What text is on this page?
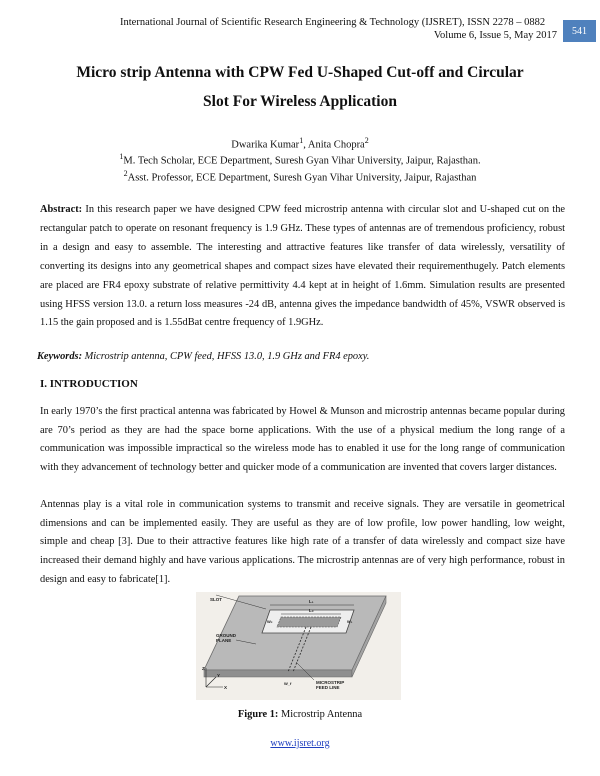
International Journal of Scientific Research Engineering & Technology (IJSRET), ISSN 2278 – 0882
Volume 6, Issue 5, May 2017 541
Micro strip Antenna with CPW Fed U-Shaped Cut-off and Circular
Slot For Wireless Application
Dwarika Kumar$^1$, Anita Chopra$^2$
$^1$M. Tech Scholar, ECE Department, Suresh Gyan Vihar University, Jaipur, Rajasthan.
$^2$Asst. Professor, ECE Department, Suresh Gyan Vihar University, Jaipur, Rajasthan

Abstract: In this research paper we have designed CPW feed microstrip antenna with circular slot and U-shaped cut on the rectangular patch to operate on resonant frequency is 1.9 GHz. These types of antennas are of tremendous proficiency, robust in a design and easy to assemble. The interesting and attractive features like transfer of data wirelessly, versatility of converting its designs into any geometrical shapes and compact sizes have elevated their requirementhugely. Patch elements are placed are FR4 epoxy substrate of relative permittivity 4.4 kept at in height of 1.6mm. Simulation results are presented using HFSS version 13.0. a return loss measures -24 dB, antenna gives the impedance bandwidth of 45%, VSWR observed is 1.15 the gain proposed and is 1.55dBat centre frequency of 1.9GHz.

Keywords: Microstrip antenna, CPW feed, HFSS 13.0, 1.9 GHz and FR4 epoxy.

I. INTRODUCTION

In early 1970’s the first practical antenna was fabricated by Howel & Munson and microstrip antennas became popular during are 70’s period as they are had the space borne applications. With the use of a physical medium the long range of a communication was impossible impractical so the wireless mode has to enabled it use for the long range of communication with they advancement of technology better and quicker mode of a communication are invented that covers larger distances.

Antennas play is a vital role in communication systems to transmit and receive signals. They are versatile in geometrical dimensions and can be implemented easily. They are useful as they are of low profile, low power handling, low weight, simple and cheap [3]. Due to their attractive features like high rate of a transfer of data wirelessly and compact size have increased their demand highly and have various applications. The microstrip antennas are of very high performance, robust in design and easy to fabricate[1].

SLOT
GROUND
PLANE
L₁
L₂
W₂	W₁
W_f	MICROSTRIP
FEED LINE
Z
Y
X
Figure 1: Microstrip Antenna
www.ijsret.org
